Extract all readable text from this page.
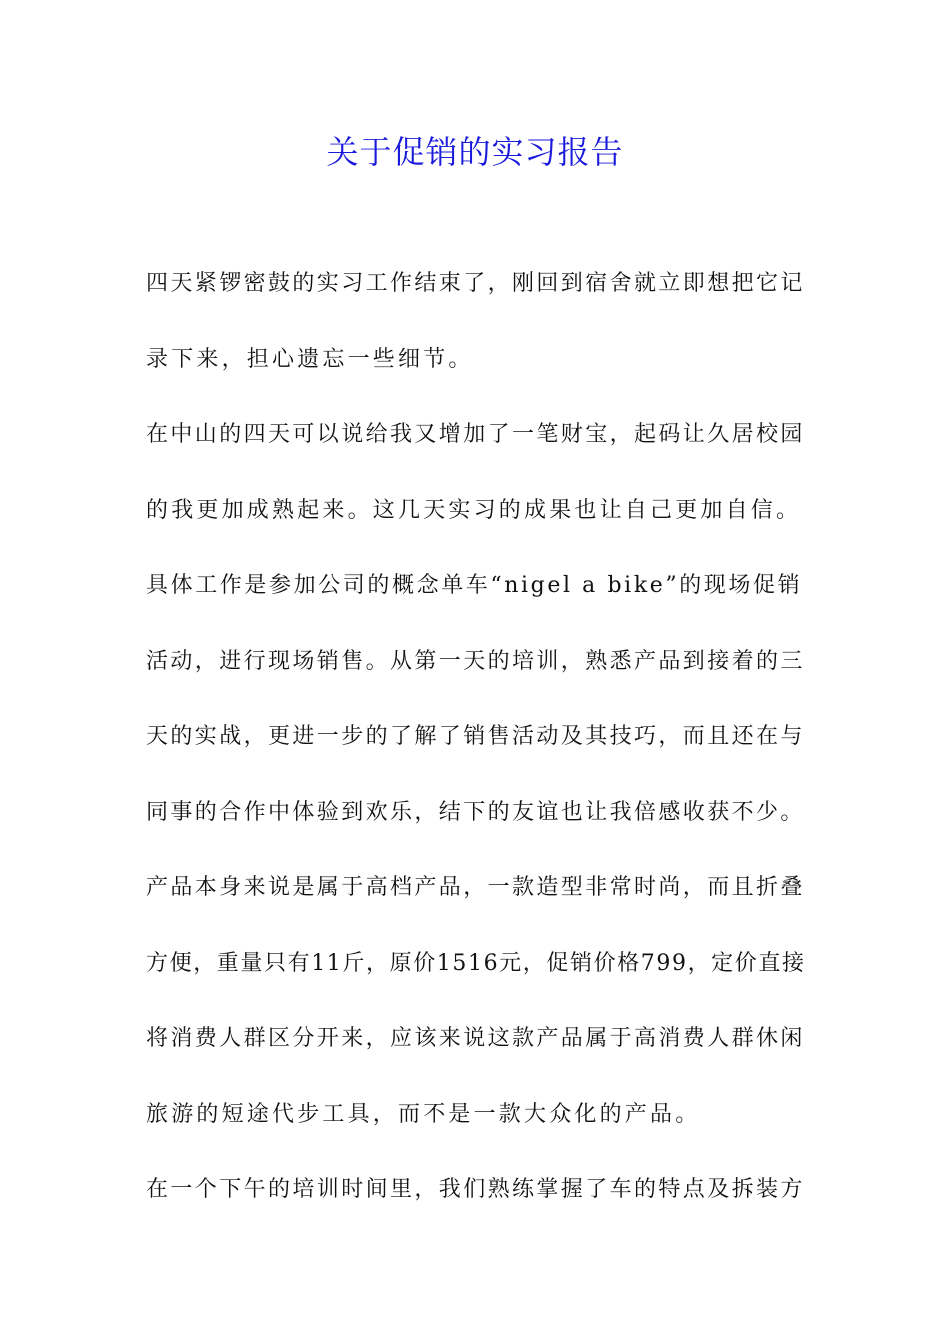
关于促销的实习报告
四天紧锣密鼓的实习工作结束了，刚回到宿舍就立即想把它记
录下来，担心遗忘一些细节。
在中山的四天可以说给我又增加了一笔财宝，起码让久居校园
的我更加成熟起来。这几天实习的成果也让自己更加自信。
具体工作是参加公司的概念单车“nigel a bike”的现场促销
活动，进行现场销售。从第一天的培训，熟悉产品到接着的三
天的实战，更进一步的了解了销售活动及其技巧，而且还在与
同事的合作中体验到欢乐，结下的友谊也让我倍感收获不少。
产品本身来说是属于高档产品，一款造型非常时尚，而且折叠
方便，重量只有11斤，原价1516元，促销价格799，定价直接
将消费人群区分开来，应该来说这款产品属于高消费人群休闲
旅游的短途代步工具，而不是一款大众化的产品。
在一个下午的培训时间里，我们熟练掌握了车的特点及拆装方
